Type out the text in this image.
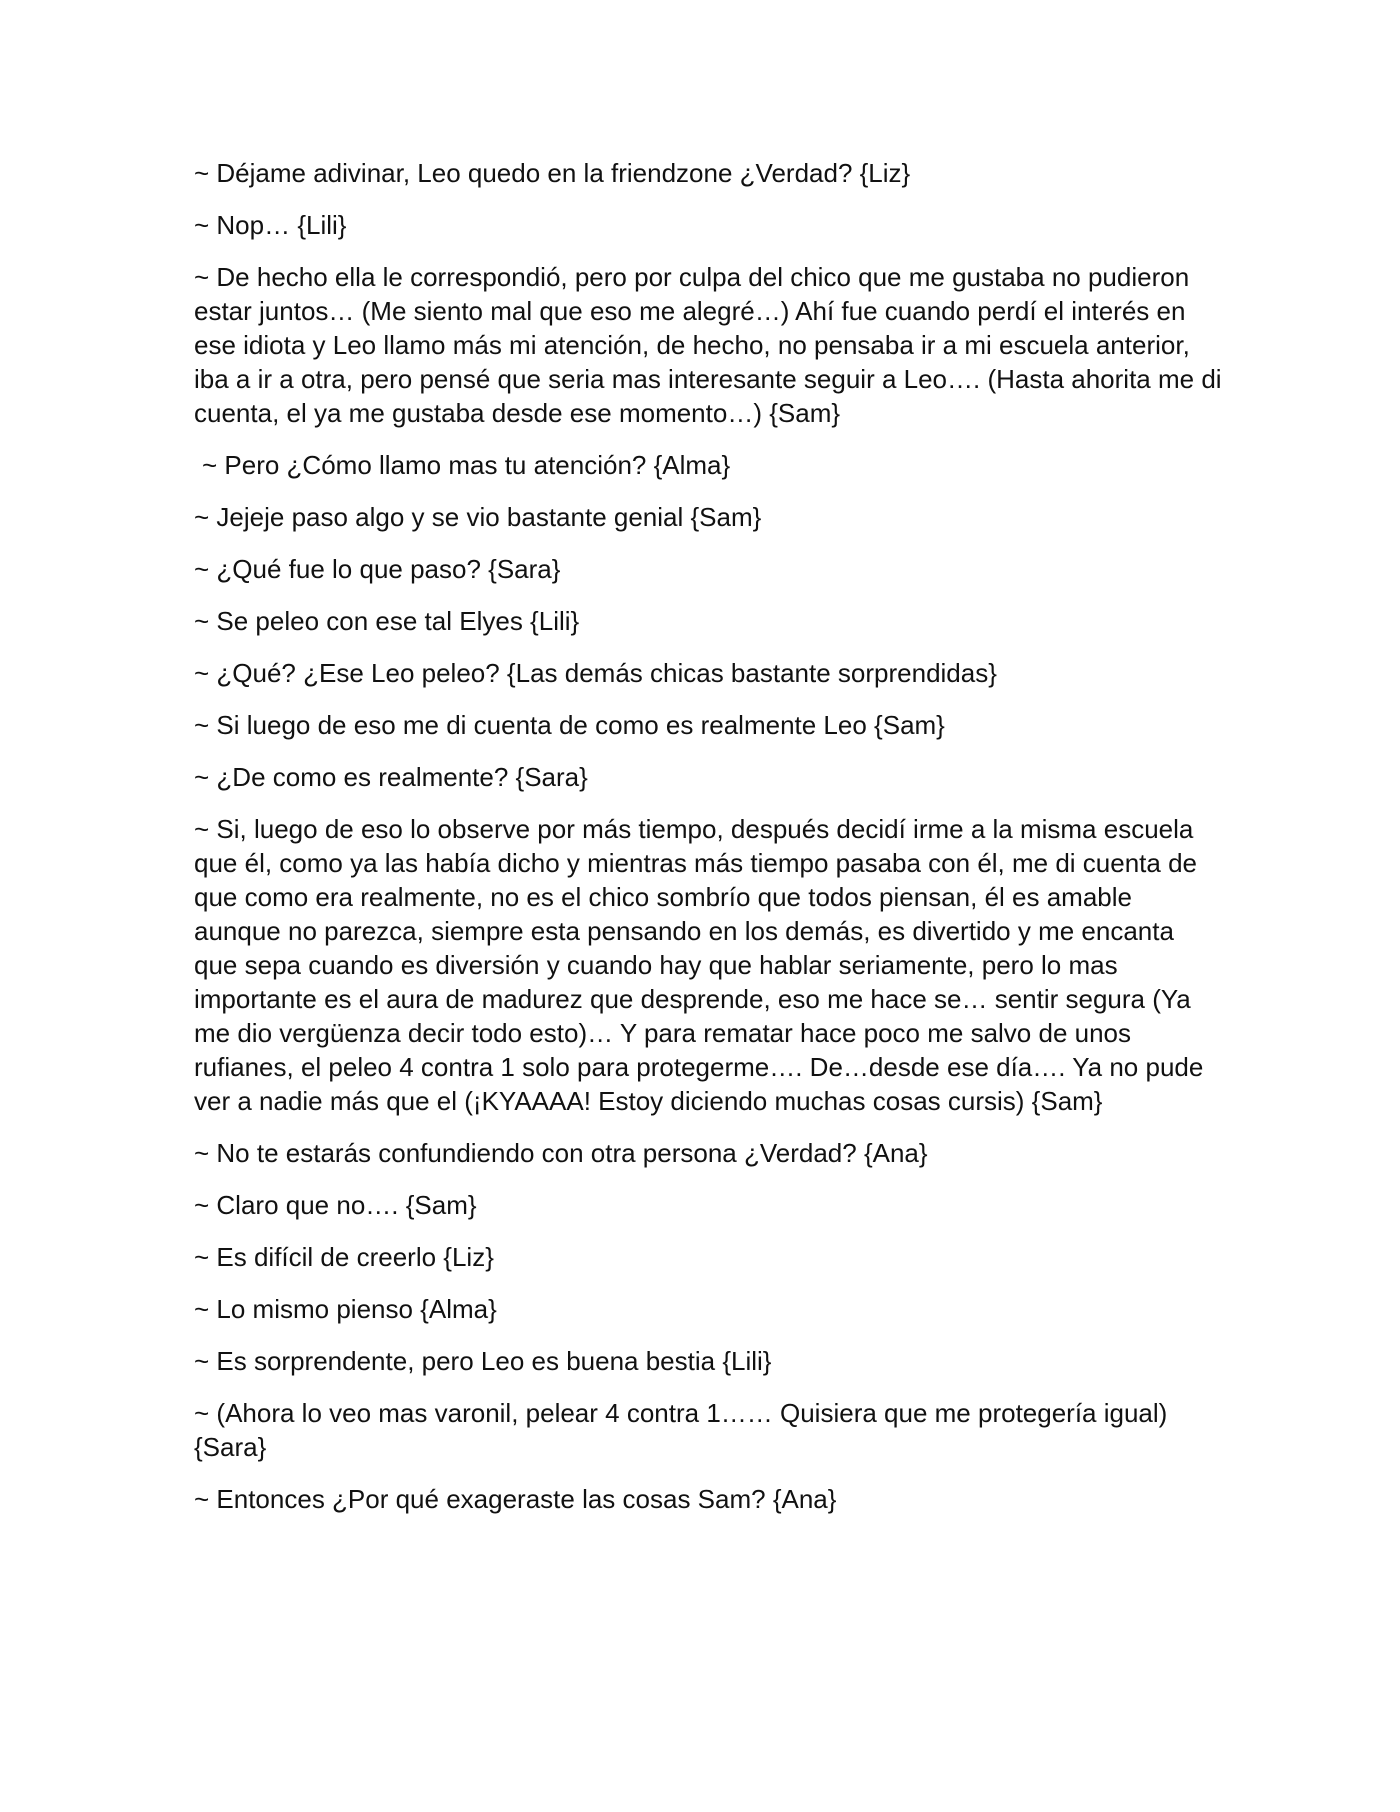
~ Déjame adivinar, Leo quedo en la friendzone ¿Verdad? {Liz}

~ Nop… {Lili}

~ De hecho ella le correspondió, pero por culpa del chico que me gustaba no pudieron estar juntos… (Me siento mal que eso me alegré…) Ahí fue cuando perdí el interés en ese idiota y Leo llamo más mi atención, de hecho, no pensaba ir a mi escuela anterior, iba a ir a otra, pero pensé que seria mas interesante seguir a Leo…. (Hasta ahorita me di cuenta, el ya me gustaba desde ese momento…) {Sam}

~ Pero ¿Cómo llamo mas tu atención? {Alma}

~ Jejeje paso algo y se vio bastante genial {Sam}

~ ¿Qué fue lo que paso? {Sara}

~ Se peleo con ese tal Elyes {Lili}

~ ¿Qué? ¿Ese Leo peleo? {Las demás chicas bastante sorprendidas}

~ Si luego de eso me di cuenta de como es realmente Leo {Sam}

~ ¿De como es realmente? {Sara}

~ Si, luego de eso lo observe por más tiempo, después decidí irme a la misma escuela que él, como ya las había dicho y mientras más tiempo pasaba con él, me di cuenta de que como era realmente, no es el chico sombrío que todos piensan, él es amable aunque no parezca, siempre esta pensando en los demás, es divertido y me encanta que sepa cuando es diversión y cuando hay que hablar seriamente, pero lo mas importante es el aura de madurez que desprende, eso me hace se… sentir segura (Ya me dio vergüenza decir todo esto)… Y para rematar hace poco me salvo de unos rufianes, el peleo 4 contra 1 solo para protegerme…. De…desde ese día…. Ya no pude ver a nadie más que el (¡KYAAAA! Estoy diciendo muchas cosas cursis) {Sam}

~ No te estarás confundiendo con otra persona ¿Verdad? {Ana}

~ Claro que no…. {Sam}

~ Es difícil de creerlo {Liz}

~ Lo mismo pienso {Alma}

~ Es sorprendente, pero Leo es buena bestia {Lili}

~ (Ahora lo veo mas varonil, pelear 4 contra 1…… Quisiera que me protegería igual) {Sara}

~ Entonces ¿Por qué exageraste las cosas Sam? {Ana}
